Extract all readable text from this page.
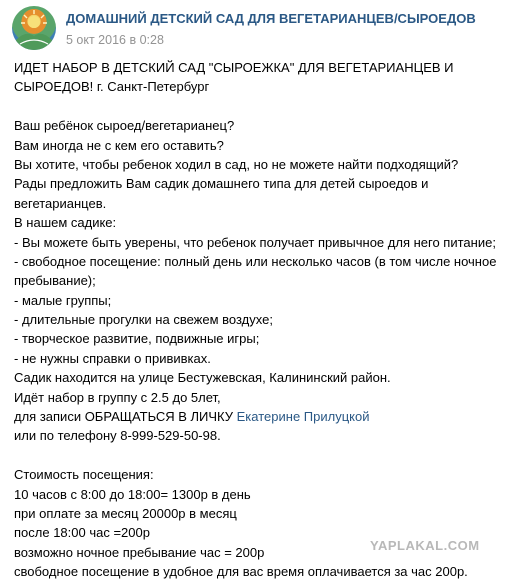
ДОМАШНИЙ ДЕТСКИЙ САД ДЛЯ ВЕГЕТАРИАНЦЕВ/СЫРОЕДОВ
5 окт 2016 в 0:28
ИДЕТ НАБОР В ДЕТСКИЙ САД "СЫРОЕЖКА" ДЛЯ ВЕГЕТАРИАНЦЕВ И
СЫРОЕДОВ! г. Санкт-Петербург
Ваш ребёнок сыроед/вегетарианец?
Вам иногда не с кем его оставить?
Вы хотите, чтобы ребенок ходил в сад, но не можете найти подходящий?
Рады предложить Вам садик домашнего типа для детей сыроедов и
вегетарианцев.
В нашем садике:
- Вы можете быть уверены, что ребенок получает привычное для него питание;
- свободное посещение: полный день или несколько часов (в том числе ночное
пребывание);
- малые группы;
- длительные прогулки на свежем воздухе;
- творческое развитие, подвижные игры;
- не нужны справки о прививках.
Садик находится на улице Бестужевская, Калининский район.
Идёт набор в группу с 2.5 до 5лет,
для записи ОБРАЩАТЬСЯ В ЛИЧКУ Екатерине Прилуцкой
или по телефону 8-999-529-50-98.
Стоимость посещения:
10 часов с 8:00 до 18:00= 1300р в день
при оплате за месяц 20000р в месяц
после 18:00 час =200р
возможно ночное пребывание час = 200р
свободное посещение в удобное для вас время оплачивается за час 200р.
YAPLAKAL.COM
